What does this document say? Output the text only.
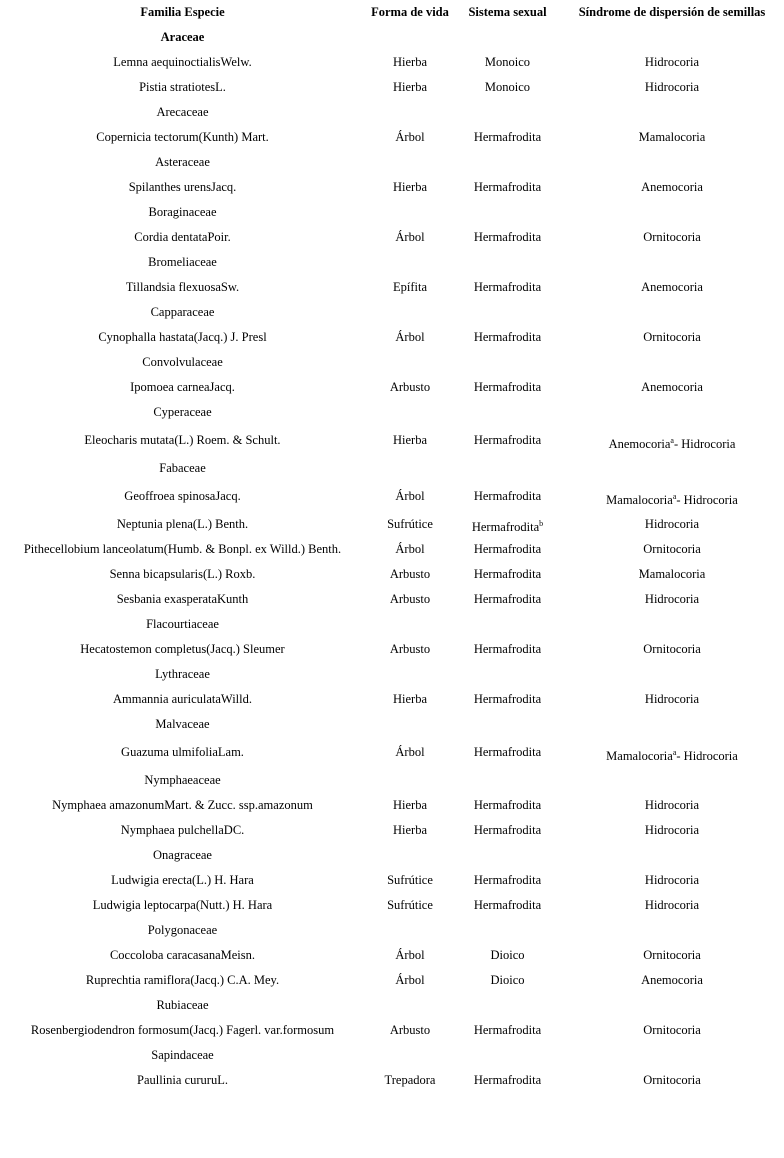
Familia Especie	Forma de vida	Sistema sexual	Síndrome de dispersión de semillas
Araceae
Lemna aequinoctialisWelw.	Hierba	Monoico	Hidrocoria
Pistia stratiotesL.	Hierba	Monoico	Hidrocoria
Arecaceae
Copernicia tectorum(Kunth) Mart.	Árbol	Hermafrodita	Mamalocoria
Asteraceae
Spilanthes urensJacq.	Hierba	Hermafrodita	Anemocoria
Boraginaceae
Cordia dentataPoir.	Árbol	Hermafrodita	Ornitocoria
Bromeliaceae
Tillandsia flexuosaSw.	Epífita	Hermafrodita	Anemocoria
Capparaceae
Cynophalla hastata(Jacq.) J. Presl	Árbol	Hermafrodita	Ornitocoria
Convolvulaceae
Ipomoea carneaJacq.	Arbusto	Hermafrodita	Anemocoria
Cyperaceae
Eleocharis mutata(L.) Roem. & Schult.	Hierba	Hermafrodita	Anemocoria$^a$- Hidrocoria
Fabaceae
Geoffroea spinosaJacq.	Árbol	Hermafrodita	Mamalocoria$^a$- Hidrocoria
Neptunia plena(L.) Benth.	Sufrútice	Hermafrodita$^b$	Hidrocoria
Pithecellobium lanceolatum(Humb. & Bonpl. ex Willd.) Benth.	Árbol	Hermafrodita	Ornitocoria
Senna bicapsularis(L.) Roxb.	Arbusto	Hermafrodita	Mamalocoria
Sesbania exasperataKunth	Arbusto	Hermafrodita	Hidrocoria
Flacourtiaceae
Hecatostemon completus(Jacq.) Sleumer	Arbusto	Hermafrodita	Ornitocoria
Lythraceae
Ammannia auriculataWilld.	Hierba	Hermafrodita	Hidrocoria
Malvaceae
Guazuma ulmifoliaLam.	Árbol	Hermafrodita	Mamalocoria$^a$- Hidrocoria
Nymphaeaceae
Nymphaea amazonumMart. & Zucc. ssp.amazonum	Hierba	Hermafrodita	Hidrocoria
Nymphaea pulchellaDC.	Hierba	Hermafrodita	Hidrocoria
Onagraceae
Ludwigia erecta(L.) H. Hara	Sufrútice	Hermafrodita	Hidrocoria
Ludwigia leptocarpa(Nutt.) H. Hara	Sufrútice	Hermafrodita	Hidrocoria
Polygonaceae
Coccoloba caracasanaMeisn.	Árbol	Dioico	Ornitocoria
Ruprechtia ramiflora(Jacq.) C.A. Mey.	Árbol	Dioico	Anemocoria
Rubiaceae
Rosenbergiodendron formosum(Jacq.) Fagerl. var.formosum	Arbusto	Hermafrodita	Ornitocoria
Sapindaceae
Paullinia cururuL.	Trepadora	Hermafrodita	Ornitocoria
